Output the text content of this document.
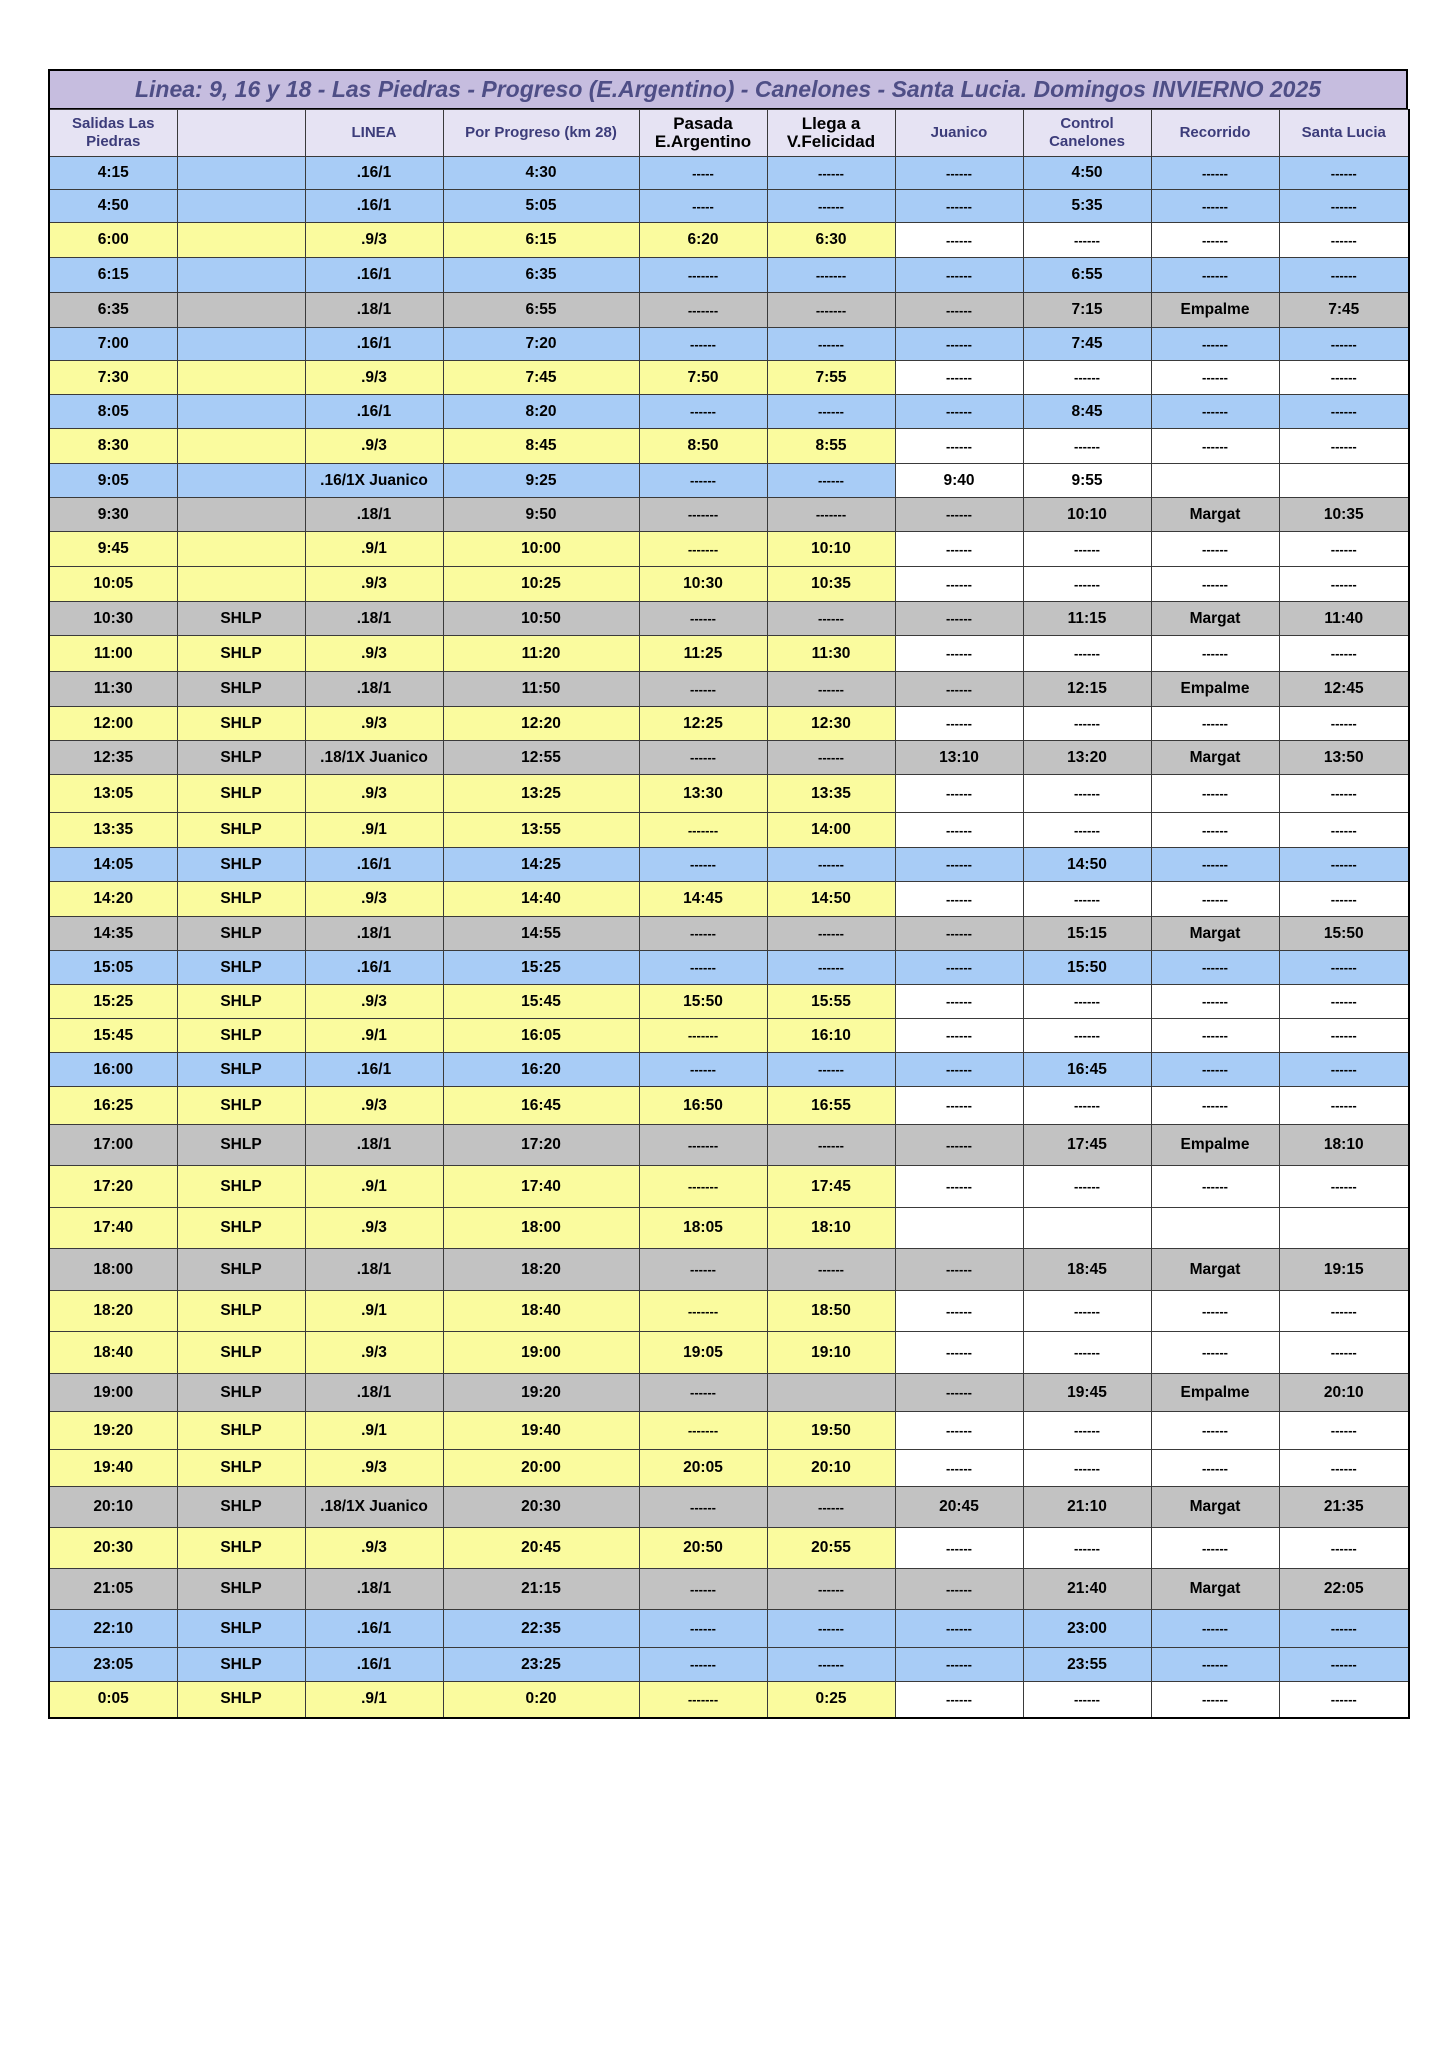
Linea: 9, 16 y 18 - Las Piedras - Progreso (E.Argentino) - Canelones - Santa Lucia. Domingos INVIERNO 2025
Salidas Las Piedras		LINEA	Por Progreso (km 28)	Pasada E.Argentino	Llega a V.Felicidad	Juanico	Control Canelones	Recorrido	Santa Lucia
4:15		.16/1	4:30	-----	------	------	4:50	------	------
4:50		.16/1	5:05	-----	------	------	5:35	------	------
6:00		.9/3	6:15	6:20	6:30	------	------	------	------
6:15		.16/1	6:35	-------	-------	------	6:55	------	------
6:35		.18/1	6:55	-------	-------	------	7:15	Empalme	7:45
7:00		.16/1	7:20	------	------	------	7:45	------	------
7:30		.9/3	7:45	7:50	7:55	------	------	------	------
8:05		.16/1	8:20	------	------	------	8:45	------	------
8:30		.9/3	8:45	8:50	8:55	------	------	------	------
9:05		.16/1X Juanico	9:25	------	------	9:40	9:55		
9:30		.18/1	9:50	-------	-------	------	10:10	Margat	10:35
9:45		.9/1	10:00	-------	10:10	------	------	------	------
10:05		.9/3	10:25	10:30	10:35	------	------	------	------
10:30	SHLP	.18/1	10:50	------	------	------	11:15	Margat	11:40
11:00	SHLP	.9/3	11:20	11:25	11:30	------	------	------	------
11:30	SHLP	.18/1	11:50	------	------	------	12:15	Empalme	12:45
12:00	SHLP	.9/3	12:20	12:25	12:30	------	------	------	------
12:35	SHLP	.18/1X Juanico	12:55	------	------	13:10	13:20	Margat	13:50
13:05	SHLP	.9/3	13:25	13:30	13:35	------	------	------	------
13:35	SHLP	.9/1	13:55	-------	14:00	------	------	------	------
14:05	SHLP	.16/1	14:25	------	------	------	14:50	------	------
14:20	SHLP	.9/3	14:40	14:45	14:50	------	------	------	------
14:35	SHLP	.18/1	14:55	------	------	------	15:15	Margat	15:50
15:05	SHLP	.16/1	15:25	------	------	------	15:50	------	------
15:25	SHLP	.9/3	15:45	15:50	15:55	------	------	------	------
15:45	SHLP	.9/1	16:05	-------	16:10	------	------	------	------
16:00	SHLP	.16/1	16:20	------	------	------	16:45	------	------
16:25	SHLP	.9/3	16:45	16:50	16:55	------	------	------	------
17:00	SHLP	.18/1	17:20	-------	------	------	17:45	Empalme	18:10
17:20	SHLP	.9/1	17:40	-------	17:45	------	------	------	------
17:40	SHLP	.9/3	18:00	18:05	18:10				
18:00	SHLP	.18/1	18:20	------	------	------	18:45	Margat	19:15
18:20	SHLP	.9/1	18:40	-------	18:50	------	------	------	------
18:40	SHLP	.9/3	19:00	19:05	19:10	------	------	------	------
19:00	SHLP	.18/1	19:20	------		------	19:45	Empalme	20:10
19:20	SHLP	.9/1	19:40	-------	19:50	------	------	------	------
19:40	SHLP	.9/3	20:00	20:05	20:10	------	------	------	------
20:10	SHLP	.18/1X Juanico	20:30	------	------	20:45	21:10	Margat	21:35
20:30	SHLP	.9/3	20:45	20:50	20:55	------	------	------	------
21:05	SHLP	.18/1	21:15	------	------	------	21:40	Margat	22:05
22:10	SHLP	.16/1	22:35	------	------	------	23:00	------	------
23:05	SHLP	.16/1	23:25	------	------	------	23:55	------	------
0:05	SHLP	.9/1	0:20	-------	0:25	------	------	------	------
